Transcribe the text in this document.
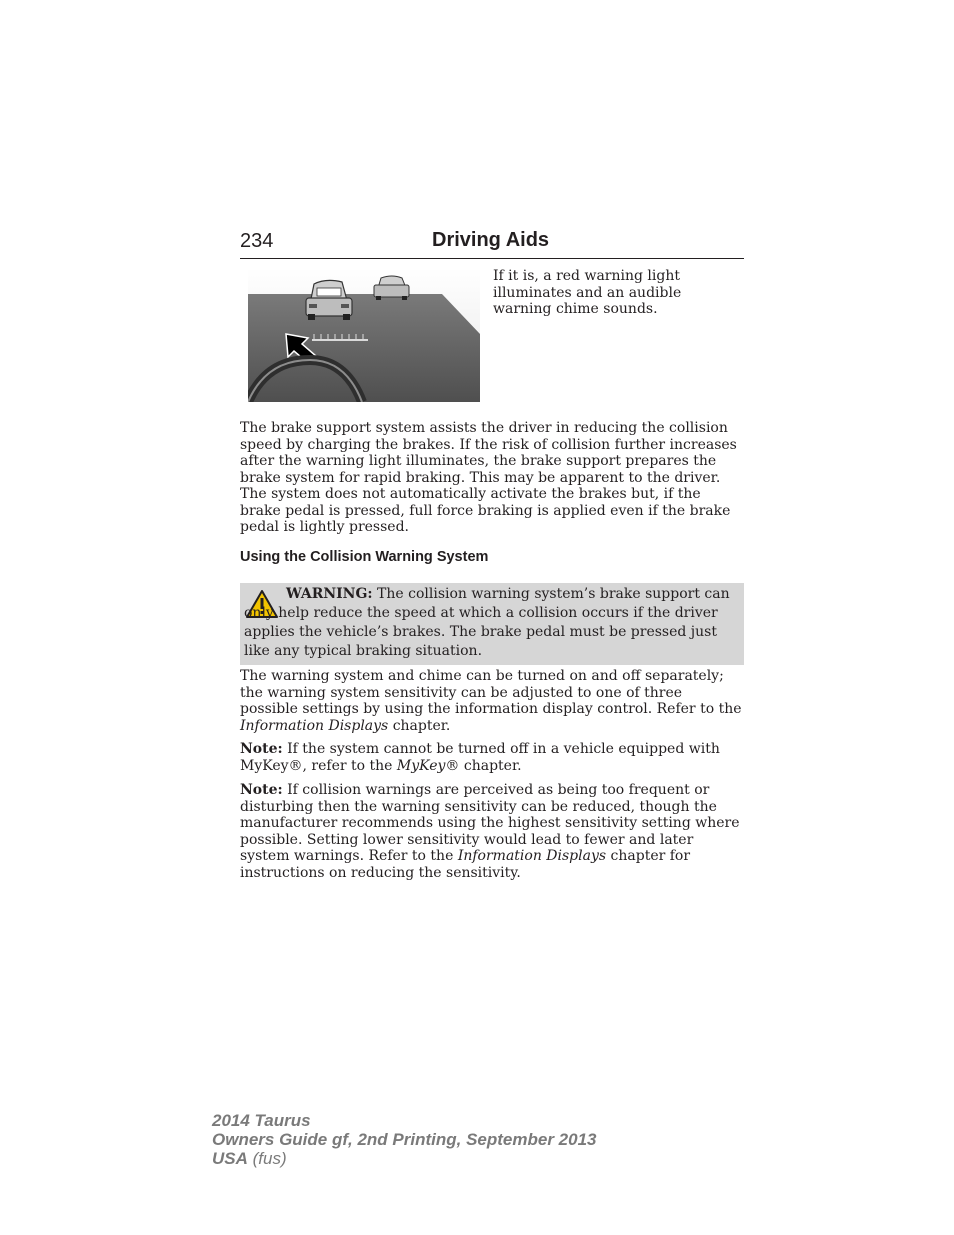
234	Driving Aids

If it is, a red warning light illuminates and an audible warning chime sounds.

The brake support system assists the driver in reducing the collision speed by charging the brakes. If the risk of collision further increases after the warning light illuminates, the brake support prepares the brake system for rapid braking. This may be apparent to the driver. The system does not automatically activate the brakes but, if the brake pedal is pressed, full force braking is applied even if the brake pedal is lightly pressed.

Using the Collision Warning System

WARNING: The collision warning system’s brake support can only help reduce the speed at which a collision occurs if the driver applies the vehicle’s brakes. The brake pedal must be pressed just like any typical braking situation.

The warning system and chime can be turned on and off separately; the warning system sensitivity can be adjusted to one of three possible settings by using the information display control. Refer to the Information Displays chapter.

Note: If the system cannot be turned off in a vehicle equipped with MyKey®, refer to the MyKey® chapter.

Note: If collision warnings are perceived as being too frequent or disturbing then the warning sensitivity can be reduced, though the manufacturer recommends using the highest sensitivity setting where possible. Setting lower sensitivity would lead to fewer and later system warnings. Refer to the Information Displays chapter for instructions on reducing the sensitivity.

2014 Taurus
Owners Guide gf, 2nd Printing, September 2013
USA (fus)
